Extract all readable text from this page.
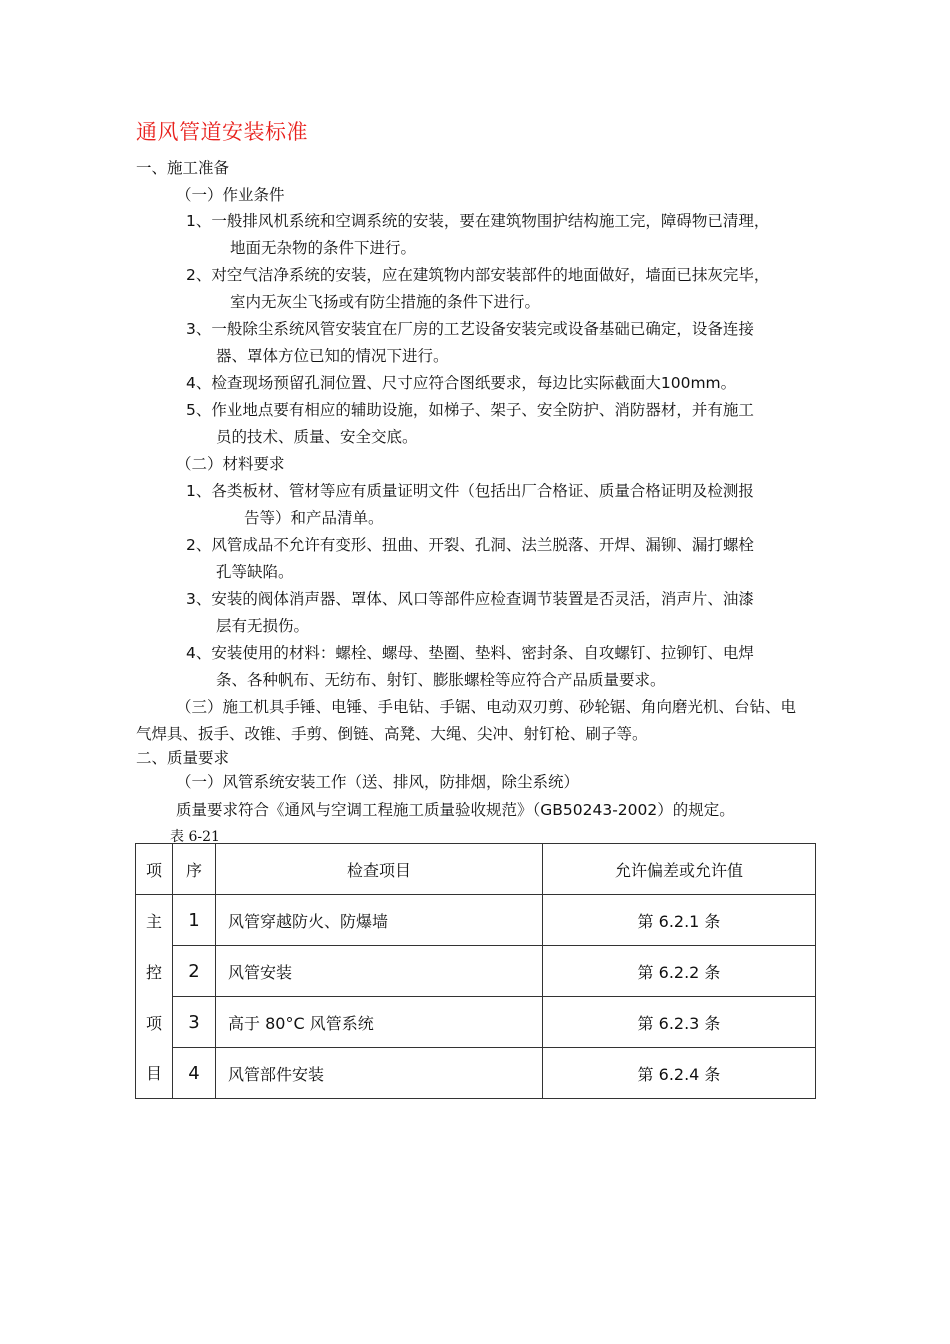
通风管道安装标准
一、施工准备
（一）作业条件
1、一般排风机系统和空调系统的安装，要在建筑物围护结构施工完，障碍物已清理，
地面无杂物的条件下进行。
2、对空气洁净系统的安装，应在建筑物内部安装部件的地面做好，墙面已抹灰完毕，
室内无灰尘飞扬或有防尘措施的条件下进行。
3、一般除尘系统风管安装宜在厂房的工艺设备安装完或设备基础已确定，设备连接
器、罩体方位已知的情况下进行。
4、检查现场预留孔洞位置、尺寸应符合图纸要求，每边比实际截面大100mm。
5、作业地点要有相应的辅助设施，如梯子、架子、安全防护、消防器材，并有施工
员的技术、质量、安全交底。
（二）材料要求
1、各类板材、管材等应有质量证明文件（包括出厂合格证、质量合格证明及检测报
告等）和产品清单。
2、风管成品不允许有变形、扭曲、开裂、孔洞、法兰脱落、开焊、漏铆、漏打螺栓
孔等缺陷。
3、安装的阀体消声器、罩体、风口等部件应检查调节装置是否灵活，消声片、油漆
层有无损伤。
4、安装使用的材料：螺栓、螺母、垫圈、垫料、密封条、自攻螺钉、拉铆钉、电焊
条、各种帆布、无纺布、射钉、膨胀螺栓等应符合产品质量要求。
（三）施工机具手锤、电锤、手电钻、手锯、电动双刃剪、砂轮锯、角向磨光机、台钻、电
气焊具、扳手、改锥、手剪、倒链、高凳、大绳、尖冲、射钉枪、刷子等。
二、质量要求
（一）风管系统安装工作（送、排风，防排烟，除尘系统）
质量要求符合《通风与空调工程施工质量验收规范》（GB50243-2002）的规定。
表 6-21
项	序	检查项目	允许偏差或允许值
主	1	风管穿越防火、防爆墙	第 6.2.1 条
控	2	风管安装	第 6.2.2 条
项	3	高于 80°C 风管系统	第 6.2.3 条
目	4	风管部件安装	第 6.2.4 条
